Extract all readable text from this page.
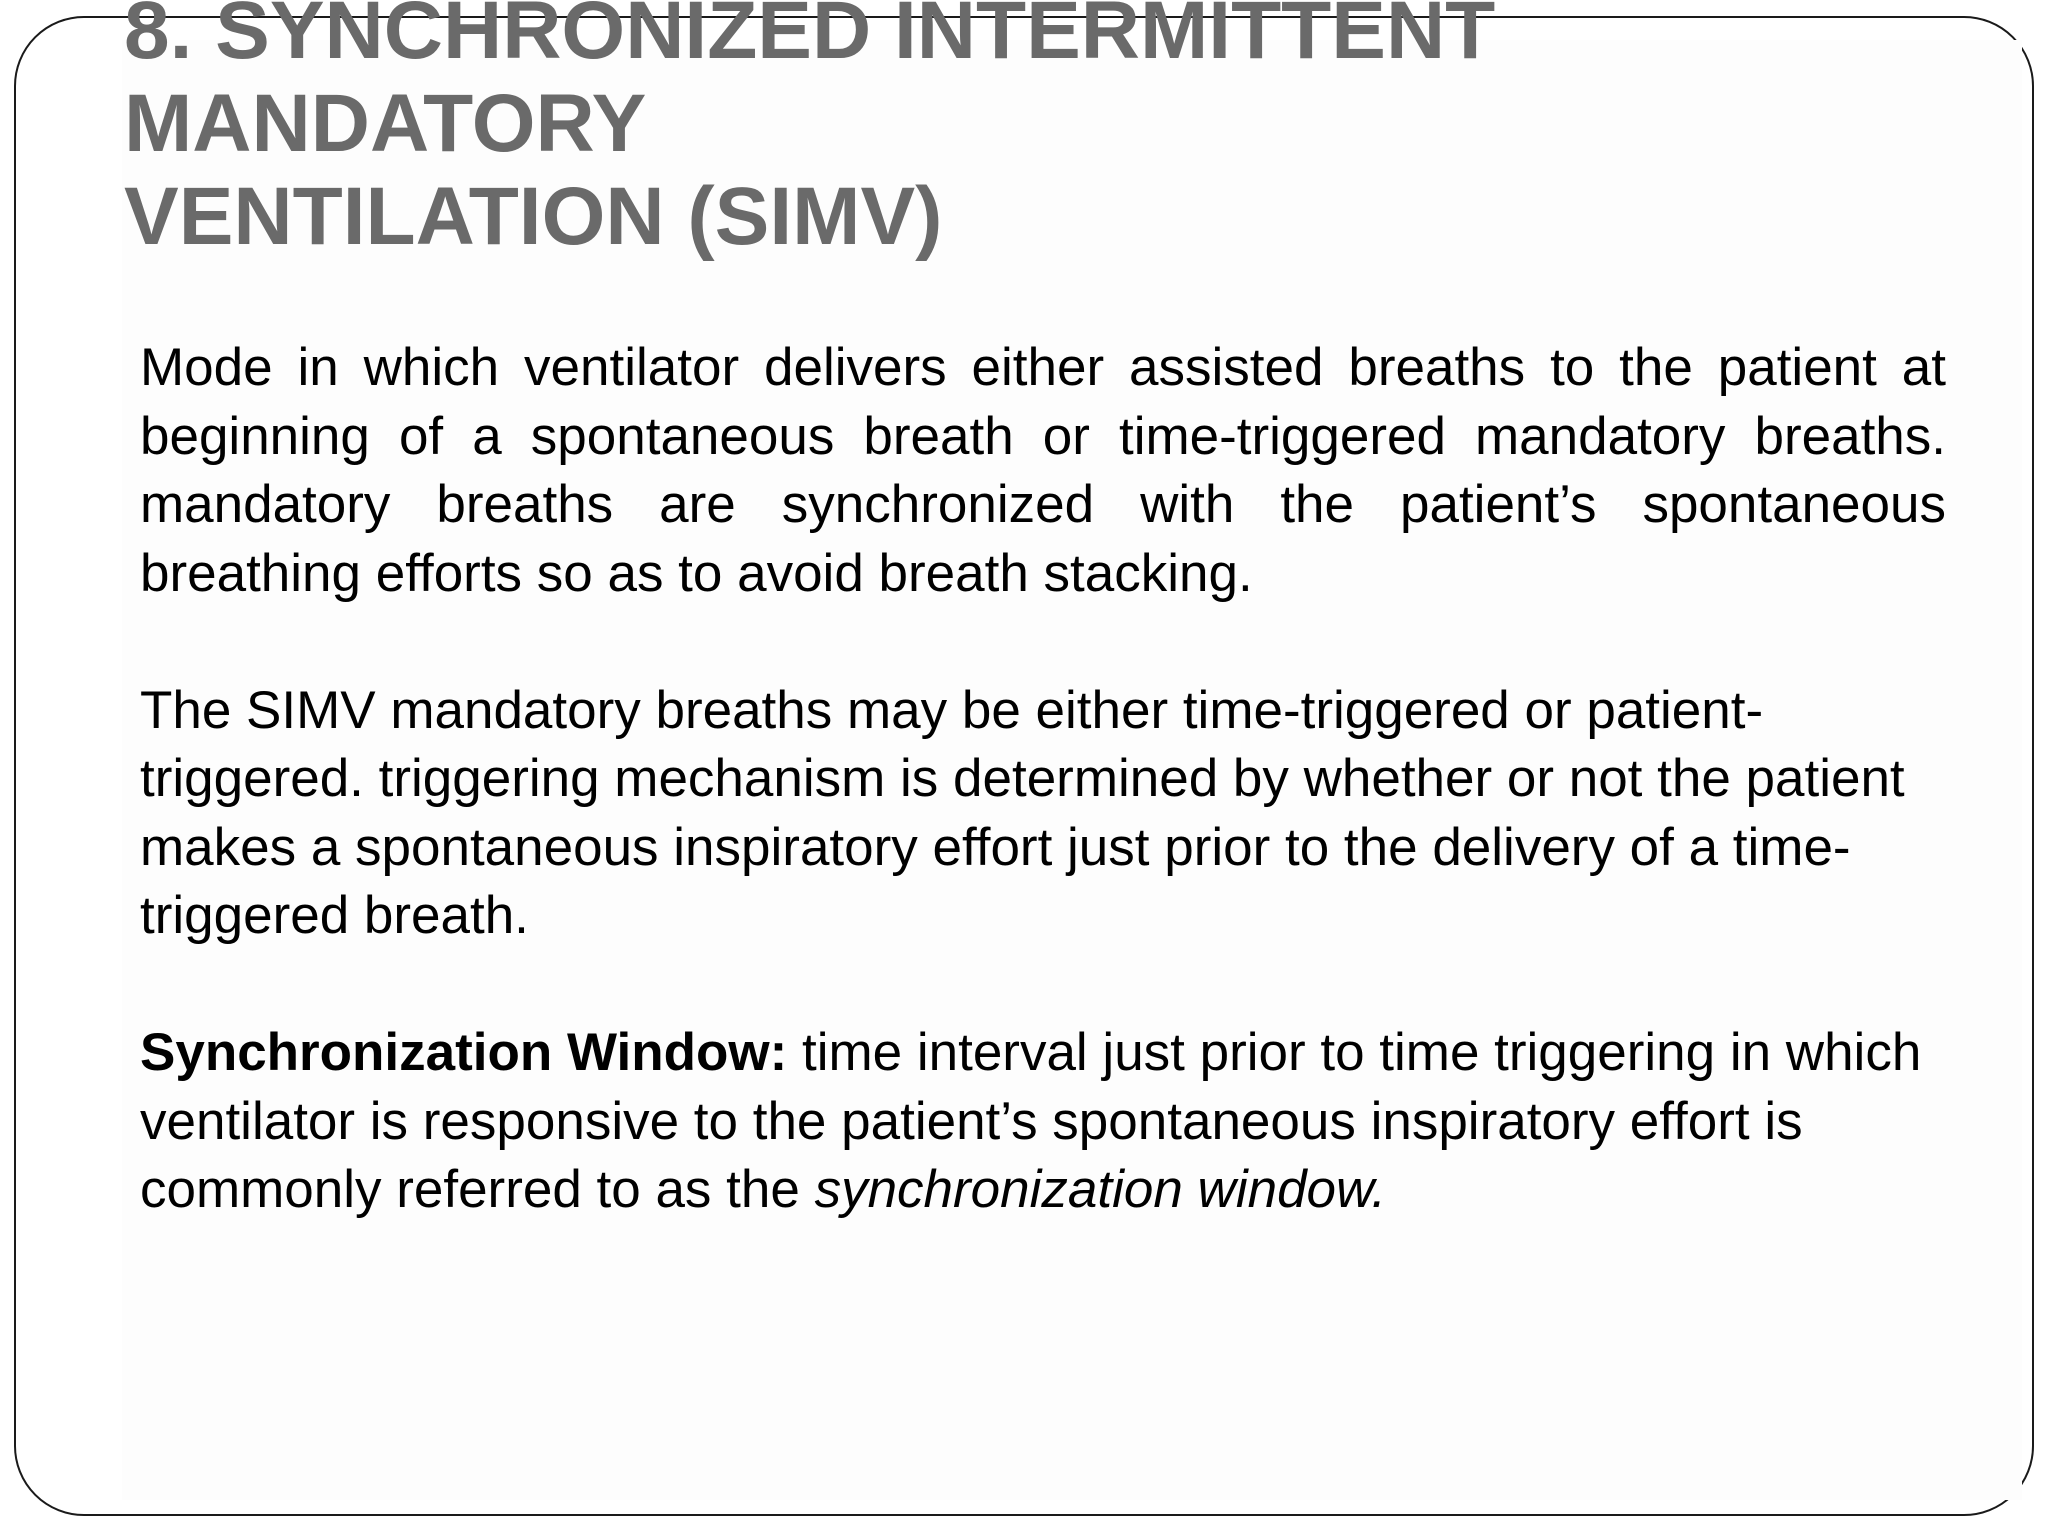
8. SYNCHRONIZED INTERMITTENT
MANDATORY
VENTILATION (SIMV)

Mode in which ventilator delivers either assisted breaths to the patient at beginning of a spontaneous breath or time-triggered mandatory breaths. mandatory breaths are synchronized with the patient’s spontaneous breathing efforts so as to avoid breath stacking.

The SIMV mandatory breaths may be either time-triggered or patient-triggered. triggering mechanism is determined by whether or not the patient makes a spontaneous inspiratory effort just prior to the delivery of a time-triggered breath.

Synchronization Window: time interval just prior to time triggering in which
ventilator is responsive to the patient’s spontaneous inspiratory effort is commonly referred to as the synchronization window.
